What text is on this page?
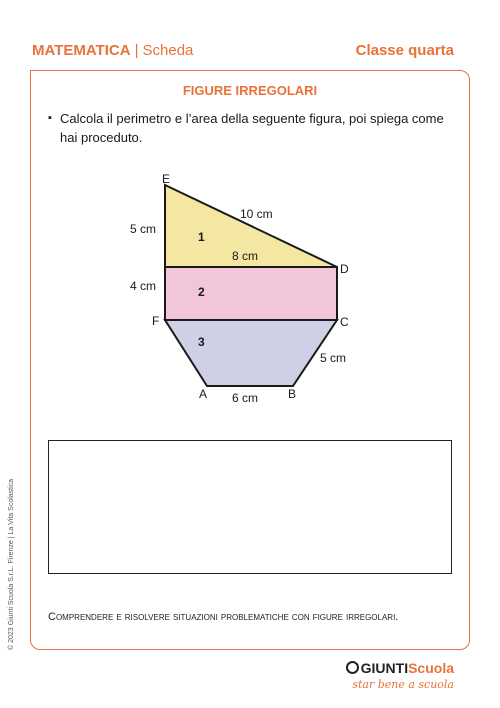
MATEMATICA | Scheda	Classe quarta
FIGURE IRREGOLARI
▪ Calcola il perimetro e l’area della seguente figura, poi spiega come hai proceduto.
E
D
F	C
A	B
1
2
3
10 cm
5 cm
4 cm
8 cm
5 cm
6 cm
Comprendere e risolvere situazioni problematiche con figure irregolari.
© 2023 Giunti Scuola S.r.L. Firenze | La Vita Scolastica
GIUNTIScuola
star bene a scuola
